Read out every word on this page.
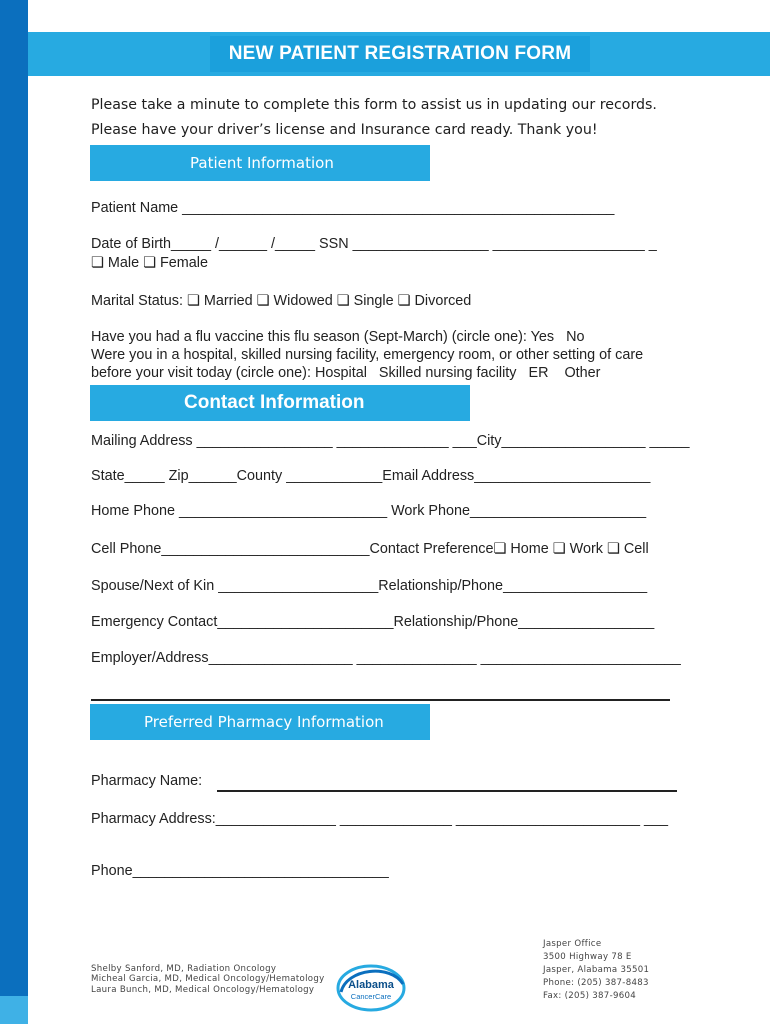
NEW PATIENT REGISTRATION FORM
Please take a minute to complete this form to assist us in updating our records.
Please have your driver’s license and Insurance card ready. Thank you!
Patient Information
Patient Name ______________________________________________________
Date of Birth_____ /______ /_____ SSN _________________ ___________________ _
❏ Male ❏ Female
Marital Status: ❏ Married ❏ Widowed ❏ Single ❏ Divorced
Have you had a flu vaccine this flu season (Sept-March) (circle one): Yes   No
Were you in a hospital, skilled nursing facility, emergency room, or other setting of care
before your visit today (circle one): Hospital   Skilled nursing facility   ER    Other
Contact Information
Mailing Address _________________ ______________ ___City__________________ _____
State_____ Zip______County ____________Email Address______________________
Home Phone __________________________ Work Phone______________________
Cell Phone__________________________Contact Preference❏ Home ❏ Work ❏ Cell
Spouse/Next of Kin ____________________Relationship/Phone__________________
Emergency Contact______________________Relationship/Phone_________________
Employer/Address__________________ _______________ _________________________
Preferred Pharmacy Information
Pharmacy Name:
Pharmacy Address:_______________ ______________ _______________________ ___
Phone________________________________
Shelby Sanford, MD, Radiation Oncology
Micheal Garcia, MD, Medical Oncology/Hematology
Laura Bunch, MD, Medical Oncology/Hematology	Alabama
CancerCare
Jasper Office
3500 Highway 78 E
Jasper, Alabama 35501
Phone: (205) 387-8483
Fax: (205) 387-9604
